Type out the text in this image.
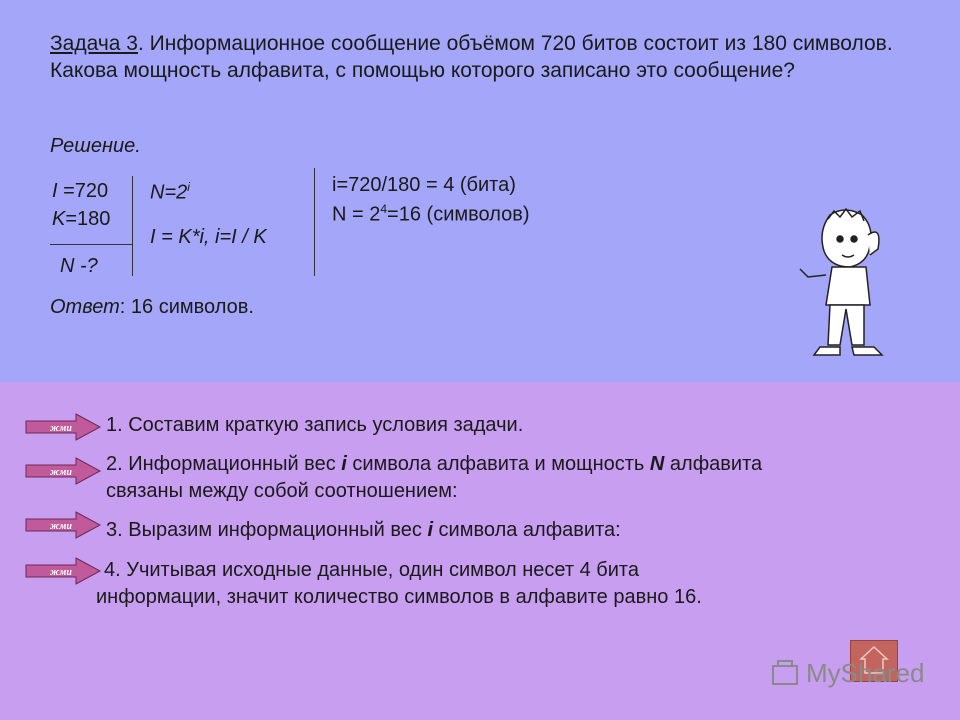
Задача 3. Информационное сообщение объёмом 720 битов состоит из 180 символов. Какова мощность алфавита, с помощью которого записано это сообщение?
Решение.
I =720
K=180
N -?
$N=2^i$
I = K*i, i=I / K
i=720/180 = 4 (бита)
$N = 2^4=16$ (символов)
Ответ: 16 символов.
жми
жми
жми
жми
1. Составим краткую запись условия задачи.
2. Информационный вес i символа алфавита и мощность N алфавита
связаны между собой соотношением:
3. Выразим информационный вес i символа алфавита:
4. Учитывая исходные данные, один символ несет 4 бита
информации, значит количество символов в алфавите равно 16.
MyShared
